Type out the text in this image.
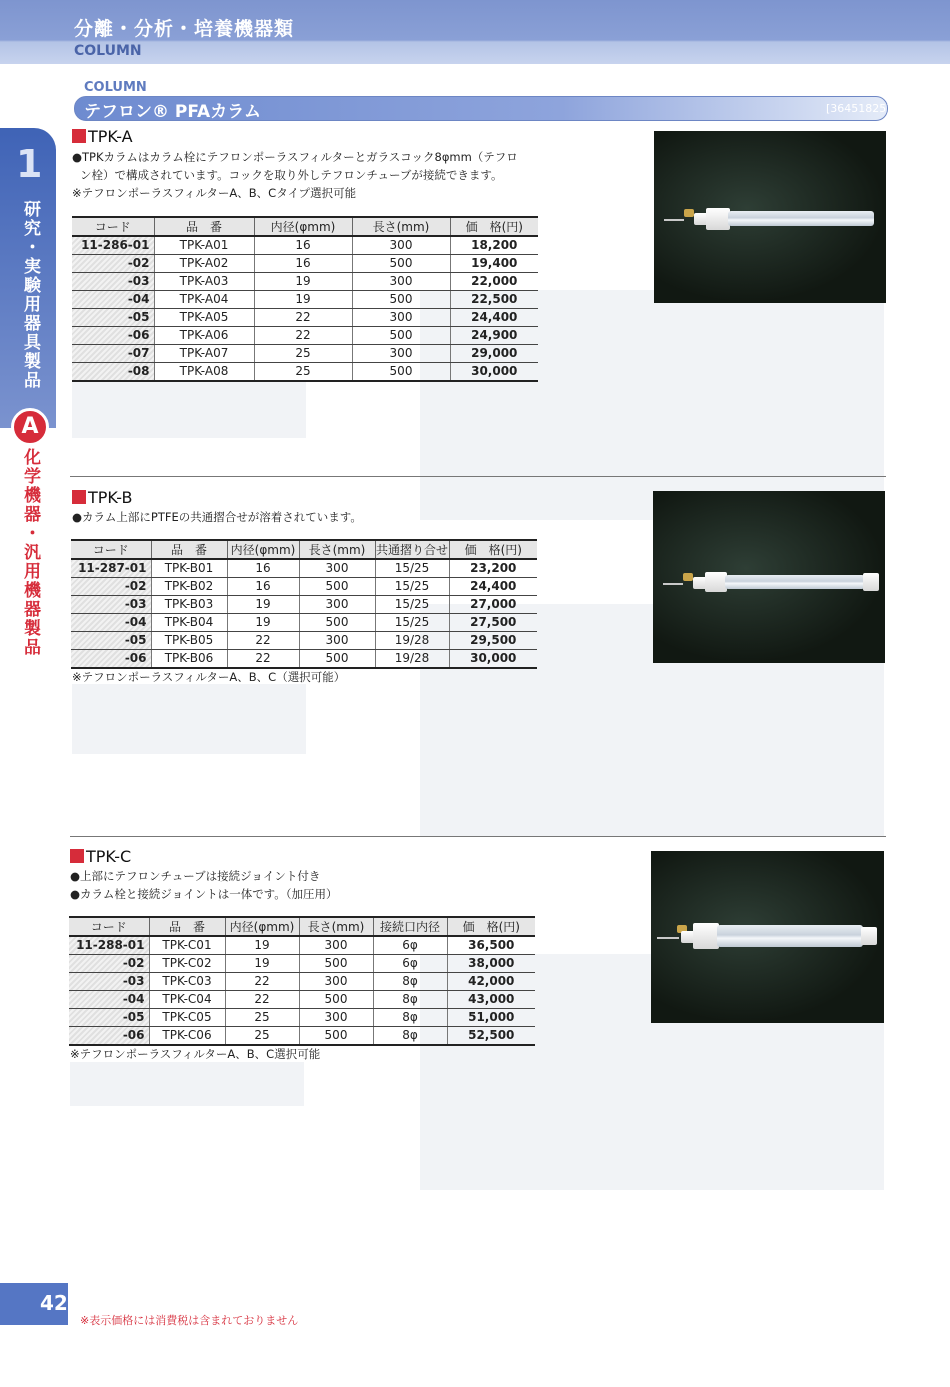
分離・分析・培養機器類
COLUMN
1
研究・実験用器具製品
A
化学機器・汎用機器製品
COLUMN
テフロン® PFAカラム	[36451825]
TPK-A
●TPKカラムはカラム栓にテフロンポーラスフィルターとガラスコック8φmm（テフロ
ン栓）で構成されています。コックを取り外しテフロンチューブが接続できます。
※テフロンポーラスフィルターA、B、Cタイプ選択可能
コード	品　番	内径(φmm)	長さ(mm)	価　格(円)
11-286-01	TPK-A01	16	300	18,200
-02	TPK-A02	16	500	19,400
-03	TPK-A03	19	300	22,000
-04	TPK-A04	19	500	22,500
-05	TPK-A05	22	300	24,400
-06	TPK-A06	22	500	24,900
-07	TPK-A07	25	300	29,000
-08	TPK-A08	25	500	30,000
TPK-B
●カラム上部にPTFEの共通摺合せが溶着されています。
コード	品　番	内径(φmm)	長さ(mm)	共通摺り合せ	価　格(円)
11-287-01	TPK-B01	16	300	15/25	23,200
-02	TPK-B02	16	500	15/25	24,400
-03	TPK-B03	19	300	15/25	27,000
-04	TPK-B04	19	500	15/25	27,500
-05	TPK-B05	22	300	19/28	29,500
-06	TPK-B06	22	500	19/28	30,000
※テフロンポーラスフィルターA、B、C（選択可能）
TPK-C
●上部にテフロンチューブは接続ジョイント付き
●カラム栓と接続ジョイントは一体です。（加圧用）
コード	品　番	内径(φmm)	長さ(mm)	接続口内径	価　格(円)
11-288-01	TPK-C01	19	300	6φ	36,500
-02	TPK-C02	19	500	6φ	38,000
-03	TPK-C03	22	300	8φ	42,000
-04	TPK-C04	22	500	8φ	43,000
-05	TPK-C05	25	300	8φ	51,000
-06	TPK-C06	25	500	8φ	52,500
※テフロンポーラスフィルターA、B、C選択可能
42
※表示価格には消費税は含まれておりません
